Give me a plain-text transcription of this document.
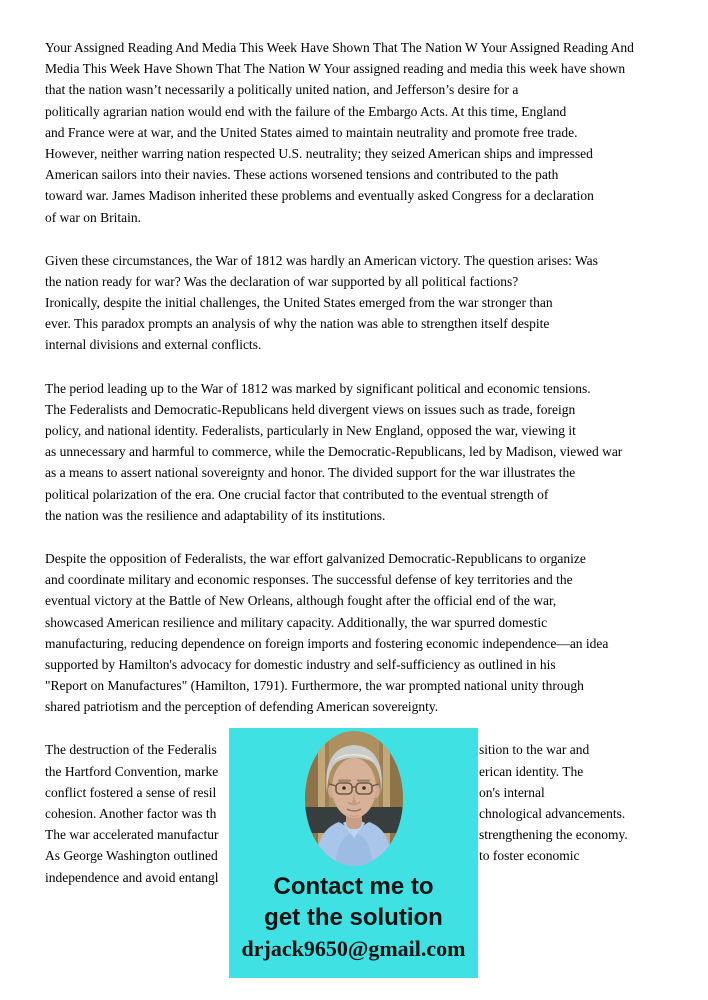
Your Assigned Reading And Media This Week Have Shown That The Nation W Your Assigned Reading And
Media This Week Have Shown That The Nation W Your assigned reading and media this week have shown
that the nation wasn’t necessarily a politically united nation, and Jefferson’s desire for a
politically agrarian nation would end with the failure of the Embargo Acts. At this time, England
and France were at war, and the United States aimed to maintain neutrality and promote free trade.
However, neither warring nation respected U.S. neutrality; they seized American ships and impressed
American sailors into their navies. These actions worsened tensions and contributed to the path
toward war. James Madison inherited these problems and eventually asked Congress for a declaration
of war on Britain.
Given these circumstances, the War of 1812 was hardly an American victory. The question arises: Was
the nation ready for war? Was the declaration of war supported by all political factions?
Ironically, despite the initial challenges, the United States emerged from the war stronger than
ever. This paradox prompts an analysis of why the nation was able to strengthen itself despite
internal divisions and external conflicts.
The period leading up to the War of 1812 was marked by significant political and economic tensions.
The Federalists and Democratic-Republicans held divergent views on issues such as trade, foreign
policy, and national identity. Federalists, particularly in New England, opposed the war, viewing it
as unnecessary and harmful to commerce, while the Democratic-Republicans, led by Madison, viewed war
as a means to assert national sovereignty and honor. The divided support for the war illustrates the
political polarization of the era. One crucial factor that contributed to the eventual strength of
the nation was the resilience and adaptability of its institutions.
Despite the opposition of Federalists, the war effort galvanized Democratic-Republicans to organize
and coordinate military and economic responses. The successful defense of key territories and the
eventual victory at the Battle of New Orleans, although fought after the official end of the war,
showcased American resilience and military capacity. Additionally, the war spurred domestic
manufacturing, reducing dependence on foreign imports and fostering economic independence—an idea
supported by Hamilton's advocacy for domestic industry and self-sufficiency as outlined in his
"Report on Manufactures" (Hamilton, 1791). Furthermore, the war prompted national unity through
shared patriotism and the perception of defending American sovereignty.
The destruction of the Federalis	sition to the war and
the Hartford Convention, marke	erican identity. The
conflict fostered a sense of resil	on's internal
cohesion. Another factor was th	chnological advancements.
The war accelerated manufactur	strengthening the economy.
As George Washington outlined	to foster economic
independence and avoid entangl	Contact me to
get the solution
drjack9650@gmail.com
